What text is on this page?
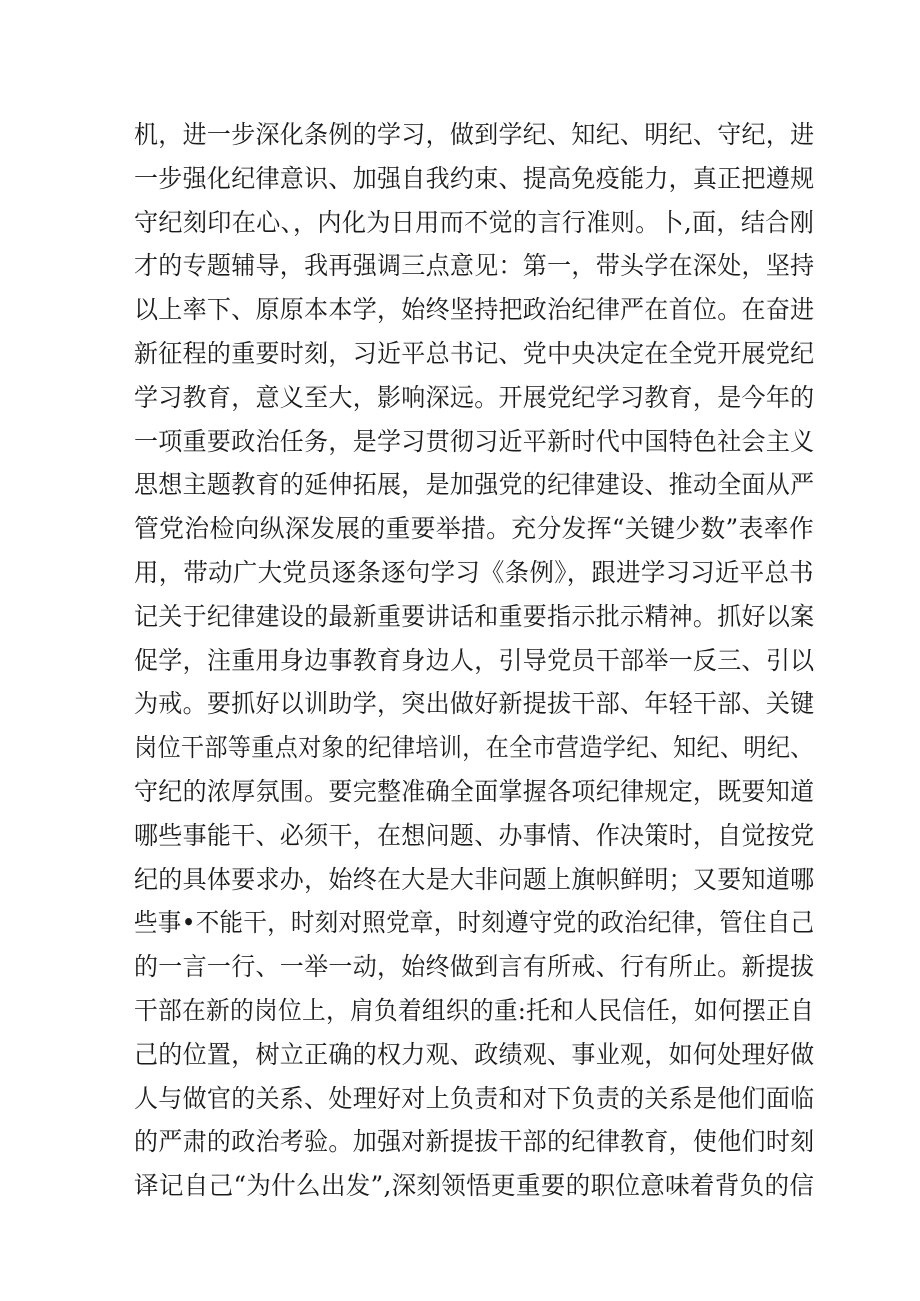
机，进一步深化条例的学习，做到学纪、知纪、明纪、守纪，进
一步强化纪律意识、加强自我约束、提高免疫能力，真正把遵规
守纪刻印在心、，内化为日用而不觉的言行准则。卜,面，结合刚
才的专题辅导，我再强调三点意见：第一，带头学在深处，坚持
以上率下、原原本本学，始终坚持把政治纪律严在首位。在奋进
新征程的重要时刻，习近平总书记、党中央决定在全党开展党纪
学习教育，意义至大，影响深远。开展党纪学习教育，是今年的
一项重要政治任务，是学习贯彻习近平新时代中国特色社会主义
思想主题教育的延伸拓展，是加强党的纪律建设、推动全面从严
管党治检向纵深发展的重要举措。充分发挥“关键少数”表率作
用，带动广大党员逐条逐句学习《条例》，跟进学习习近平总书
记关于纪律建设的最新重要讲话和重要指示批示精神。抓好以案
促学，注重用身边事教育身边人，引导党员干部举一反三、引以
为戒。要抓好以训助学，突出做好新提拔干部、年轻干部、关键
岗位干部等重点对象的纪律培训，在全市营造学纪、知纪、明纪、
守纪的浓厚氛围。要完整准确全面掌握各项纪律规定，既要知道
哪些事能干、必须干，在想问题、办事情、作决策时，自觉按党
纪的具体要求办，始终在大是大非问题上旗帜鲜明；又要知道哪
些事•不能干，时刻对照党章，时刻遵守党的政治纪律，管住自己
的一言一行、一举一动，始终做到言有所戒、行有所止。新提拔
干部在新的岗位上，肩负着组织的重:托和人民信任，如何摆正自
己的位置，树立正确的权力观、政绩观、事业观，如何处理好做
人与做官的关系、处理好对上负责和对下负责的关系是他们面临
的严肃的政治考验。加强对新提拔干部的纪律教育，使他们时刻
译记自己“为什么出发”,深刻领悟更重要的职位意味着背负的信
